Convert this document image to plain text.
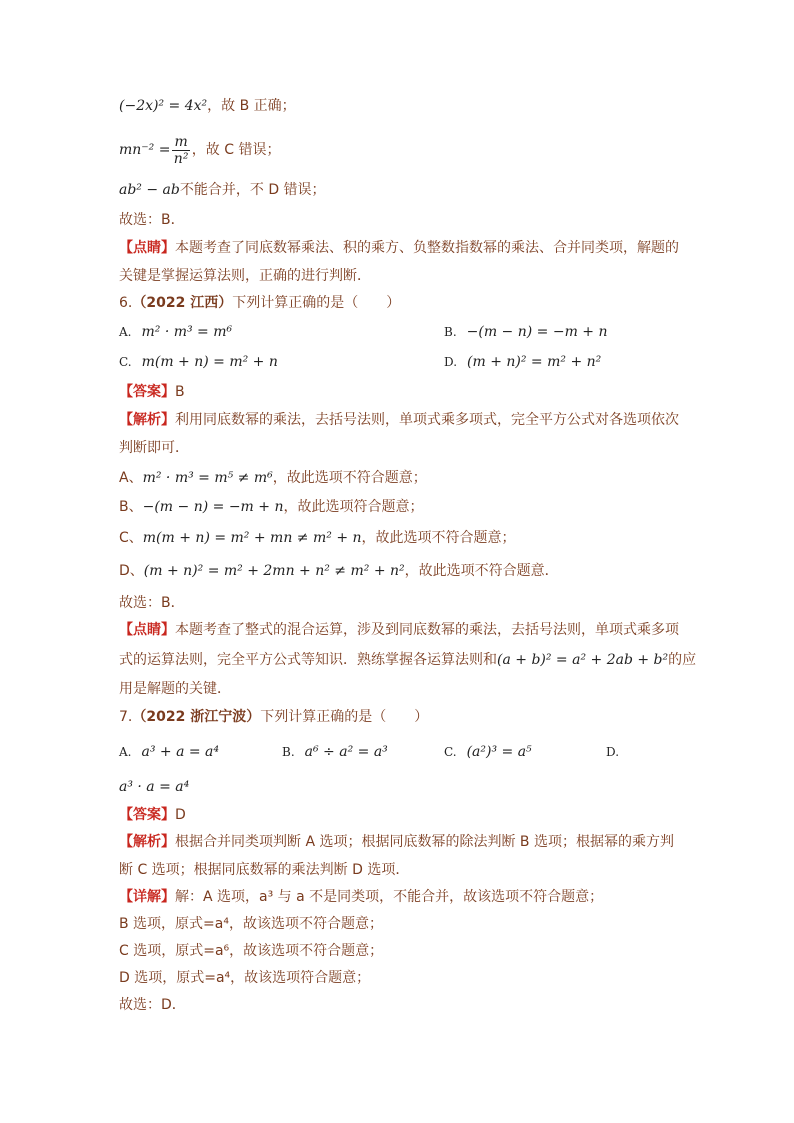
(−2x)² = 4x²，故 B 正确；
$mn^{-2} = \frac{m}{\text{n²}}$ ，故 C 错误；
ab² − ab不能合并，不 D 错误；
故选：B．
【点睛】本题考查了同底数幂乘法、积的乘方、负整数指数幂的乘法、合并同类项，解题的
关键是掌握运算法则，正确的进行判断．
6.（2022 江西）下列计算正确的是（　　）
A. m² · m³ = m⁶	B. −(m − n) = −m + n
C. m(m + n) = m² + n	D. (m + n)² = m² + n²
【答案】B
【解析】利用同底数幂的乘法，去括号法则，单项式乘多项式，完全平方公式对各选项依次
判断即可．
A、m² · m³ = m⁵ ≠ m⁶，故此选项不符合题意；
B、−(m − n) = −m + n，故此选项符合题意；
C、m(m + n) = m² + mn ≠ m² + n，故此选项不符合题意；
D、(m + n)² = m² + 2mn + n² ≠ m² + n²，故此选项不符合题意．
故选：B．
【点睛】本题考查了整式的混合运算，涉及到同底数幂的乘法，去括号法则，单项式乘多项
式的运算法则，完全平方公式等知识．熟练掌握各运算法则和(a + b)² = a² + 2ab + b²的应
用是解题的关键．
7.（2022 浙江宁波）下列计算正确的是（　　）
A. a³ + a = a⁴	B. a⁶ ÷ a² = a³	C. (a²)³ = a⁵	D.
a³ · a = a⁴
【答案】D
【解析】根据合并同类项判断 A 选项；根据同底数幂的除法判断 B 选项；根据幂的乘方判
断 C 选项；根据同底数幂的乘法判断 D 选项．
【详解】解：A 选项，a³ 与 a 不是同类项，不能合并，故该选项不符合题意；
B 选项，原式=a⁴，故该选项不符合题意；
C 选项，原式=a⁶，故该选项不符合题意；
D 选项，原式=a⁴，故该选项符合题意；
故选：D．
